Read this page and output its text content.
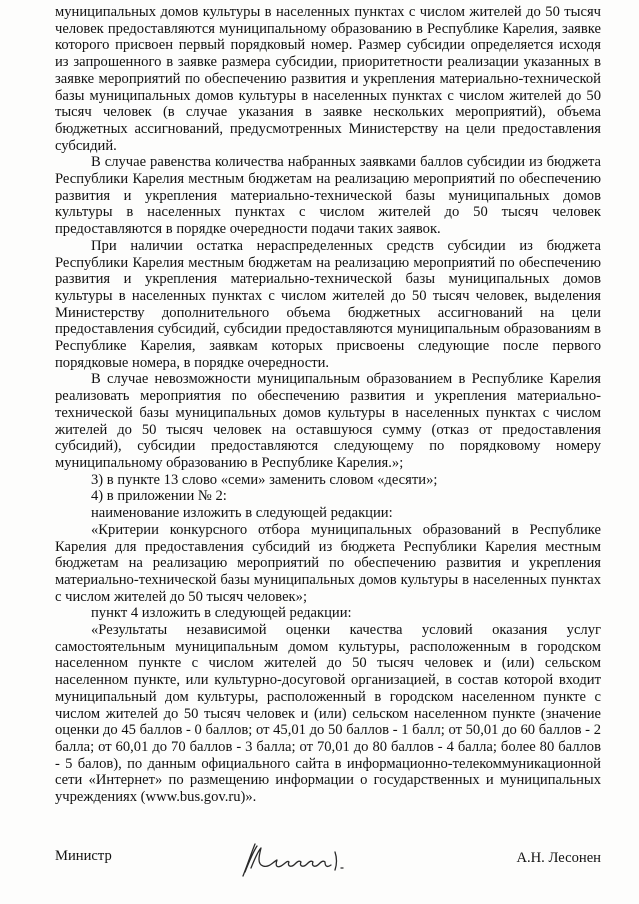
муниципальных домов культуры в населенных пунктах с числом жителей до 50 тысяч человек предоставляются муниципальному образованию в Республике Карелия, заявке которого присвоен первый порядковый номер. Размер субсидии определяется исходя из запрошенного в заявке размера субсидии, приоритетности реализации указанных в заявке мероприятий по обеспечению развития и укрепления материально-технической базы муниципальных домов культуры в населенных пунктах с числом жителей до 50 тысяч человек (в случае указания в заявке нескольких мероприятий), объема бюджетных ассигнований, предусмотренных Министерству на цели предоставления субсидий.

В случае равенства количества набранных заявками баллов субсидии из бюджета Республики Карелия местным бюджетам на реализацию мероприятий по обеспечению развития и укрепления материально-технической базы муниципальных домов культуры в населенных пунктах с числом жителей до 50 тысяч человек предоставляются в порядке очередности подачи таких заявок.

При наличии остатка нераспределенных средств субсидии из бюджета Республики Карелия местным бюджетам на реализацию мероприятий по обеспечению развития и укрепления материально-технической базы муниципальных домов культуры в населенных пунктах с числом жителей до 50 тысяч человек, выделения Министерству дополнительного объема бюджетных ассигнований на цели предоставления субсидий, субсидии предоставляются муниципальным образованиям в Республике Карелия, заявкам которых присвоены следующие после первого порядковые номера, в порядке очередности.

В случае невозможности муниципальным образованием в Республике Карелия реализовать мероприятия по обеспечению развития и укрепления материально-технической базы муниципальных домов культуры в населенных пунктах с числом жителей до 50 тысяч человек на оставшуюся сумму (отказ от предоставления субсидий), субсидии предоставляются следующему по порядковому номеру муниципальному образованию в Республике Карелия.»;

3) в пункте 13 слово «семи» заменить словом «десяти»;

4) в приложении № 2:

наименование изложить в следующей редакции:

«Критерии конкурсного отбора муниципальных образований в Республике Карелия для предоставления субсидий из бюджета Республики Карелия местным бюджетам на реализацию мероприятий по обеспечению развития и укрепления материально-технической базы муниципальных домов культуры в населенных пунктах с числом жителей до 50 тысяч человек»;

пункт 4 изложить в следующей редакции:

«Результаты независимой оценки качества условий оказания услуг самостоятельным муниципальным домом культуры, расположенным в городском населенном пункте с числом жителей до 50 тысяч человек и (или) сельском населенном пункте, или культурно-досуговой организацией, в состав которой входит муниципальный дом культуры, расположенный в городском населенном пункте с числом жителей до 50 тысяч человек и (или) сельском населенном пункте (значение оценки до 45 баллов - 0 баллов; от 45,01 до 50 баллов - 1 балл; от 50,01 до 60 баллов - 2 балла; от 60,01 до 70 баллов - 3 балла; от 70,01 до 80 баллов - 4 балла; более 80 баллов - 5 балов), по данным официального сайта в информационно-телекоммуникационной сети «Интернет» по размещению информации о государственных и муниципальных учреждениях (www.bus.gov.ru)».

Министр	А.Н. Лесонен
